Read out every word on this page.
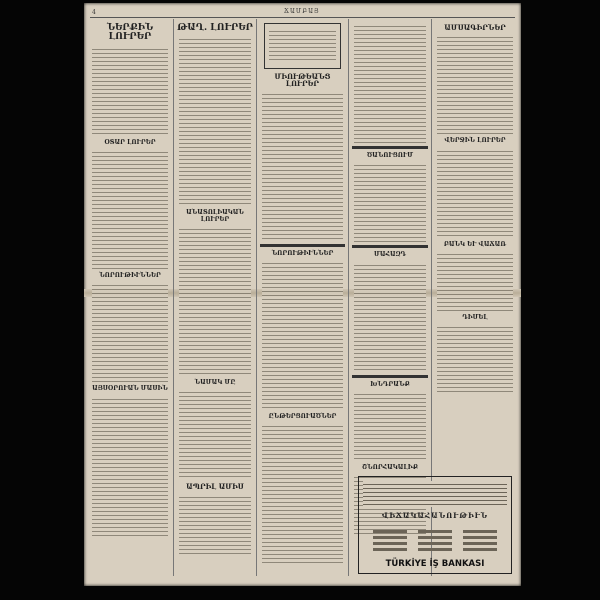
4	ՃԱՄԲԱՅ
ՆԵՐՔԻՆ ԼՈՒՐԵՐ
ՕՏԱՐ ԼՈՒՐԵՐ
ՆՈՐՈՒԹԻՒՆՆԵՐ
ԱՅՍՕՐՈՒԱՆ ՄԱՍԻՆ
ԹԱՂ. ԼՈՒՐԵՐ
ԱՆԱՏՈԼԻԱԿԱՆ ԼՈՒՐԵՐ
ՆԱՄԱԿ ՄԸ
ԱՊՐԻԼ ԱՄԻՍ
ՄԻՈՒԹԵԱՆՑ ԼՈՒՐԵՐ
ՆՈՐՈՒԹԻՒՆՆԵՐ
ԸՆԹԵՐՑՈՒԱԾՆԵՐ
ԾԱՆՈՒՑՈՒՄ
ՄԱՀԱԶԴ
ԽՆԴՐԱՆՔ
ՇՆՈՐՀԱԿԱԼԻՔ
ԱՄՍԱԳԻՐՆԵՐ
ՎԵՐՋԻՆ ԼՈՒՐԵՐ
ԲԱՆԿ ԵՒ ՎԱՃԱՌ
ԴԻՄԵԼ
ՎԻՃԱԿԱՀԱՆՈՒԹԻՒՆ
TÜRKİYE İŞ BANKASI
